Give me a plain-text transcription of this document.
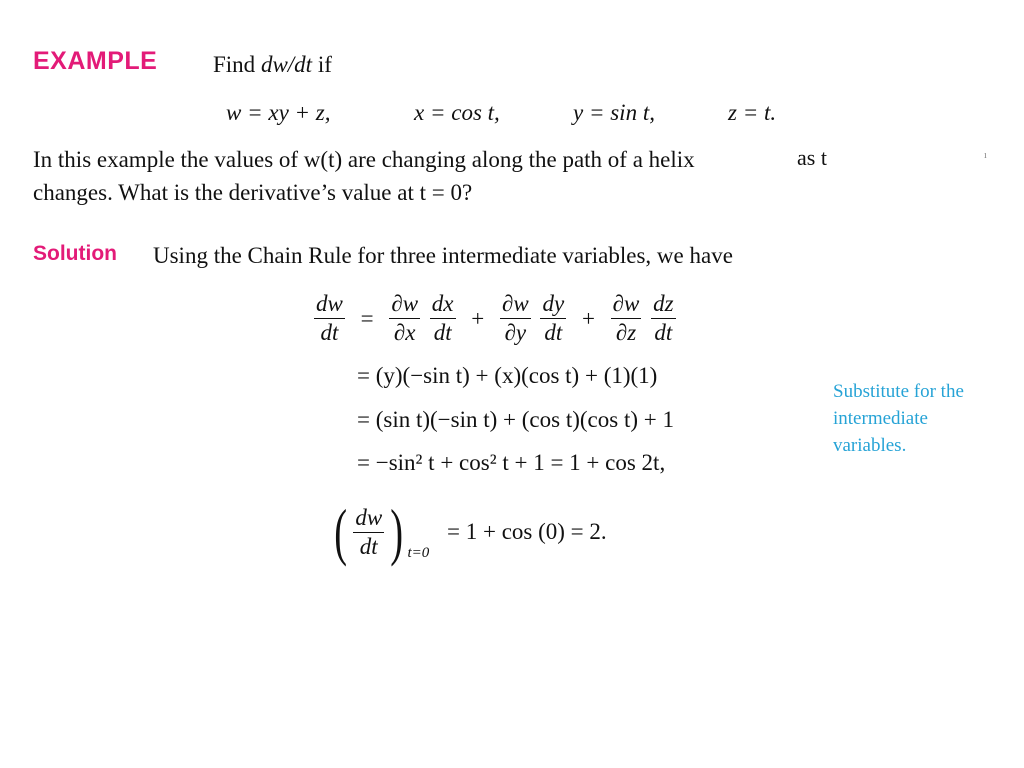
EXAMPLE Find dw/dt if
w = xy + z,	x = cos t,	y = sin t,	z = t.
In this example the values of w(t) are changing along the path of a helix	as t	ı
changes. What is the derivative’s value at t = 0?
Solution Using the Chain Rule for three intermediate variables, we have
$\frac{dw}{dt} = \frac{\partial w}{\partial x}$
$\frac{dx}{dt} + \frac{\partial w}{\partial y}$
$\frac{dy}{dt} + \frac{\partial w}{\partial z}$
$\frac{dz}{dt}$
= (y)(−sin t) + (x)(cos t) + (1)(1)
= (sin t)(−sin t) + (cos t)(cos t) + 1
= −sin² t + cos² t + 1 = 1 + cos 2t,
Substitute for the
intermediate
variables.
( $\frac{dw}{dt}$ ) $_{t=0}$ = 1 + cos (0) = 2.
